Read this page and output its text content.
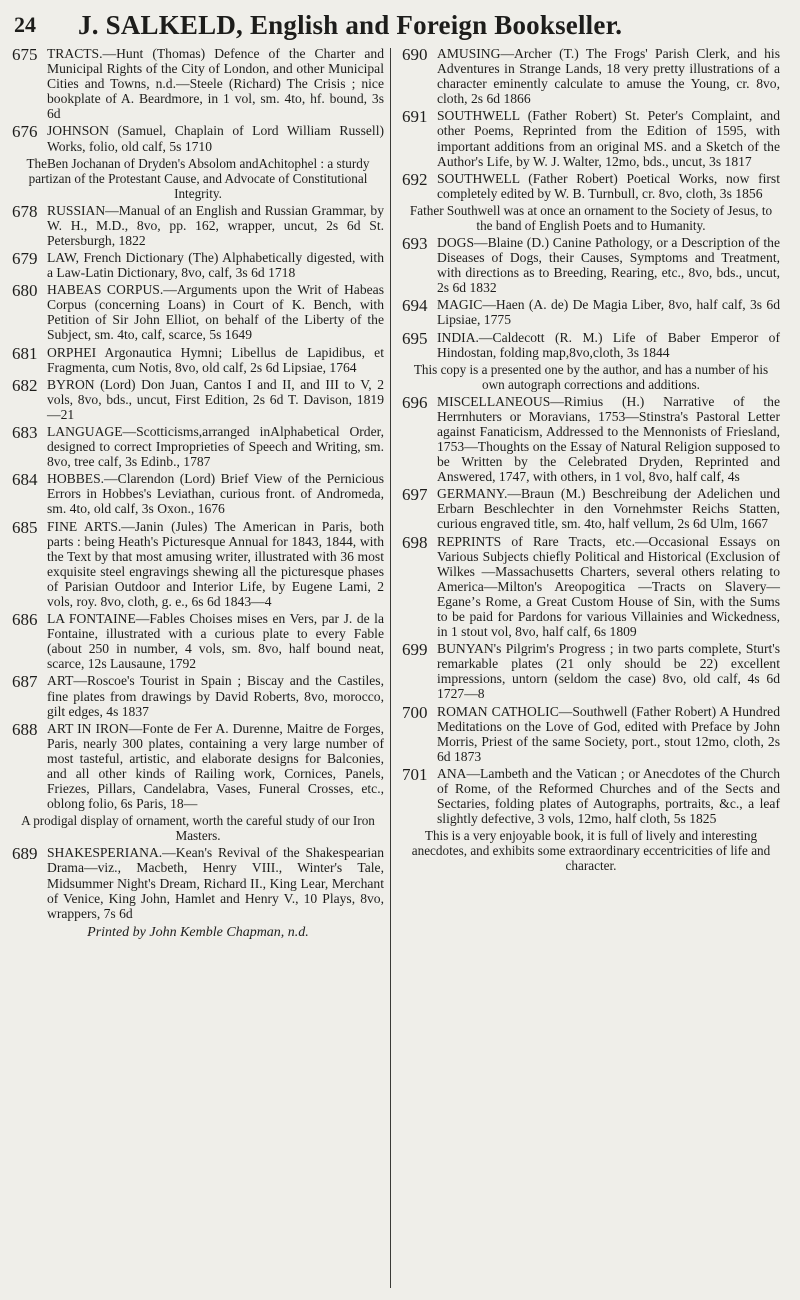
24	J. SALKELD, English and Foreign Bookseller.
675 TRACTS.—Hunt (Thomas) Defence of the Charter and Municipal Rights of the City of London, and other Municipal Cities and Towns, n.d.—Steele (Richard) The Crisis ; nice bookplate of A. Beardmore, in 1 vol, sm. 4to, hf. bound, 3s 6d
676 JOHNSON (Samuel, Chaplain of Lord William Russell) Works, folio, old calf, 5s 1710
TheBen Jochanan of Dryden's Absolom andAchitophel : a sturdy partizan of the Protestant Cause, and Advocate of Constitutional Integrity.
678 RUSSIAN—Manual of an English and Russian Grammar, by W. H., M.D., 8vo, pp. 162, wrapper, uncut, 2s 6d St. Petersburgh, 1822
679 LAW, French Dictionary (The) Alphabetically digested, with a Law-Latin Dictionary, 8vo, calf, 3s 6d 1718
680 HABEAS CORPUS.—Arguments upon the Writ of Habeas Corpus (concerning Loans) in Court of K. Bench, with Petition of Sir John Elliot, on behalf of the Liberty of the Subject, sm. 4to, calf, scarce, 5s 1649
681 ORPHEI Argonautica Hymni; Libellus de Lapidibus, et Fragmenta, cum Notis, 8vo, old calf, 2s 6d Lipsiae, 1764
682 BYRON (Lord) Don Juan, Cantos I and II, and III to V, 2 vols, 8vo, bds., uncut, First Edition, 2s 6d T. Davison, 1819—21
683 LANGUAGE—Scotticisms,arranged inAlphabetical Order, designed to correct Improprieties of Speech and Writing, sm. 8vo, tree calf, 3s Edinb., 1787
684 HOBBES.—Clarendon (Lord) Brief View of the Pernicious Errors in Hobbes's Leviathan, curious front. of Andromeda, sm. 4to, old calf, 3s Oxon., 1676
685 FINE ARTS.—Janin (Jules) The American in Paris, both parts : being Heath's Picturesque Annual for 1843, 1844, with the Text by that most amusing writer, illustrated with 36 most exquisite steel engravings shewing all the picturesque phases of Parisian Outdoor and Interior Life, by Eugene Lami, 2 vols, roy. 8vo, cloth, g. e., 6s 6d 1843—4
686 LA FONTAINE—Fables Choises mises en Vers, par J. de la Fontaine, illustrated with a curious plate to every Fable (about 250 in number, 4 vols, sm. 8vo, half bound neat, scarce, 12s Lausaune, 1792
687 ART—Roscoe's Tourist in Spain ; Biscay and the Castiles, fine plates from drawings by David Roberts, 8vo, morocco, gilt edges, 4s 1837
688 ART IN IRON—Fonte de Fer A. Durenne, Maitre de Forges, Paris, nearly 300 plates, containing a very large number of most tasteful, artistic, and elaborate designs for Balconies, and all other kinds of Railing work, Cornices, Panels, Friezes, Pillars, Candelabra, Vases, Funeral Crosses, etc., oblong folio, 6s Paris, 18—
A prodigal display of ornament, worth the careful study of our Iron Masters.
689 SHAKESPERIANA.—Kean's Revival of the Shakespearian Drama—viz., Macbeth, Henry VIII., Winter's Tale, Midsummer Night's Dream, Richard II., King Lear, Merchant of Venice, King John, Hamlet and Henry V., 10 Plays, 8vo, wrappers, 7s 6d
Printed by John Kemble Chapman, n.d.
690 AMUSING—Archer (T.) The Frogs' Parish Clerk, and his Adventures in Strange Lands, 18 very pretty illustrations of a character eminently calculate to amuse the Young, cr. 8vo, cloth, 2s 6d 1866
691 SOUTHWELL (Father Robert) St. Peter's Complaint, and other Poems, Reprinted from the Edition of 1595, with important additions from an original MS. and a Sketch of the Author's Life, by W. J. Walter, 12mo, bds., uncut, 3s 1817
692 SOUTHWELL (Father Robert) Poetical Works, now first completely edited by W. B. Turnbull, cr. 8vo, cloth, 3s 1856
Father Southwell was at once an ornament to the Society of Jesus, to the band of English Poets and to Humanity.
693 DOGS—Blaine (D.) Canine Pathology, or a Description of the Diseases of Dogs, their Causes, Symptoms and Treatment, with directions as to Breeding, Rearing, etc., 8vo, bds., uncut, 2s 6d 1832
694 MAGIC—Haen (A. de) De Magia Liber, 8vo, half calf, 3s 6d Lipsiae, 1775
695 INDIA.—Caldecott (R. M.) Life of Baber Emperor of Hindostan, folding map,8vo,cloth, 3s 1844
This copy is a presented one by the author, and has a number of his own autograph corrections and additions.
696 MISCELLANEOUS—Rimius (H.) Narrative of the Herrnhuters or Moravians, 1753—Stinstra's Pastoral Letter against Fanaticism, Addressed to the Mennonists of Friesland, 1753—Thoughts on the Essay of Natural Religion supposed to be Written by the Celebrated Dryden, Reprinted and Answered, 1747, with others, in 1 vol, 8vo, half calf, 4s
697 GERMANY.—Braun (M.) Beschreibung der Adelichen und Erbarn Beschlechter in den Vornehmster Reichs Statten, curious engraved title, sm. 4to, half vellum, 2s 6d Ulm, 1667
698 REPRINTS of Rare Tracts, etc.—Occasional Essays on Various Subjects chiefly Political and Historical (Exclusion of Wilkes —Massachusetts Charters, several others relating to America—Milton's Areopogitica —Tracts on Slavery—Eganeʼs Rome, a Great Custom House of Sin, with the Sums to be paid for Pardons for various Villainies and Wickedness, in 1 stout vol, 8vo, half calf, 6s 1809
699 BUNYAN's Pilgrim's Progress ; in two parts complete, Sturt's remarkable plates (21 only should be 22) excellent impressions, untorn (seldom the case) 8vo, old calf, 4s 6d 1727—8
700 ROMAN CATHOLIC—Southwell (Father Robert) A Hundred Meditations on the Love of God, edited with Preface by John Morris, Priest of the same Society, port., stout 12mo, cloth, 2s 6d 1873
701 ANA—Lambeth and the Vatican ; or Anecdotes of the Church of Rome, of the Reformed Churches and of the Sects and Sectaries, folding plates of Autographs, portraits, &c., a leaf slightly defective, 3 vols, 12mo, half cloth, 5s 1825
This is a very enjoyable book, it is full of lively and interesting anecdotes, and exhibits some extraordinary eccentricities of life and character.
